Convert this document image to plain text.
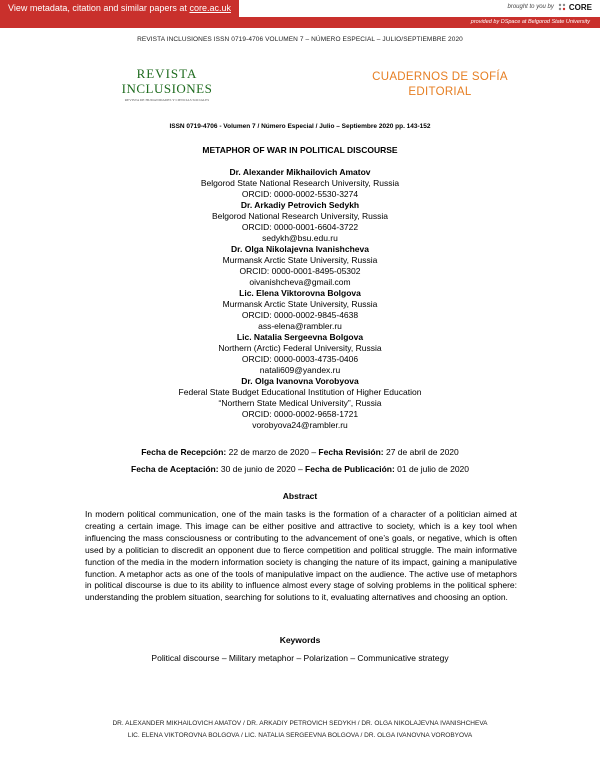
View metadata, citation and similar papers at core.ac.uk	brought to you by CORE
provided by DSpace at Belgorod State University
REVISTA INCLUSIONES ISSN 0719-4706 VOLUMEN 7 – NÚMERO ESPECIAL – JULIO/SEPTIEMBRE 2020
REVISTA
INCLUSIONES
REVISTA DE HUMANIDADES Y CIENCIAS SOCIALES
CUADERNOS DE SOFÍA
EDITORIAL
ISSN 0719-4706 - Volumen 7 / Número Especial / Julio – Septiembre 2020 pp. 143-152
METAPHOR OF WAR IN POLITICAL DISCOURSE
Dr. Alexander Mikhailovich Amatov
Belgorod State National Research University, Russia
ORCID: 0000-0002-5530-3274
Dr. Arkadiy Petrovich Sedykh
Belgorod National Research University, Russia
ORCID: 0000-0001-6604-3722
sedykh@bsu.edu.ru
Dr. Olga Nikolajevna Ivanishcheva
Murmansk Arctic State University, Russia
ORCID: 0000-0001-8495-05302
oivanishcheva@gmail.com
Lic. Elena Viktorovna Bolgova
Murmansk Arctic State University, Russia
ORCID: 0000-0002-9845-4638
ass-elena@rambler.ru
Lic. Natalia Sergeevna Bolgova
Northern (Arctic) Federal University, Russia
ORCID: 0000-0003-4735-0406
natali609@yandex.ru
Dr. Olga Ivanovna Vorobyova
Federal State Budget Educational Institution of Higher Education
“Northern State Medical University”, Russia
ORCID: 0000-0002-9658-1721
vorobyova24@rambler.ru
Fecha de Recepción: 22 de marzo de 2020 – Fecha Revisión: 27 de abril de 2020
Fecha de Aceptación: 30 de junio de 2020 – Fecha de Publicación: 01 de julio de 2020
Abstract
In modern political communication, one of the main tasks is the formation of a character of a politician aimed at creating a certain image. This image can be either positive and attractive to society, which is a key tool when influencing the mass consciousness or contributing to the advancement of one’s goals, or negative, which is often used by a politician to discredit an opponent due to fierce competition and political struggle. The main informative function of the media in the modern information society is changing the nature of its impact, gaining a manipulative function. A metaphor acts as one of the tools of manipulative impact on the audience. The active use of metaphors in political discourse is due to its ability to influence almost every stage of solving problems in the political sphere: understanding the problem situation, searching for solutions to it, evaluating alternatives and choosing an option.
Keywords
Political discourse – Military metaphor – Polarization – Communicative strategy
DR. ALEXANDER MIKHAILOVICH AMATOV / DR. ARKADIY PETROVICH SEDYKH / DR. OLGA NIKOLAJEVNA IVANISHCHEVA
LIC. ELENA VIKTOROVNA BOLGOVA / LIC. NATALIA SERGEEVNA BOLGOVA / DR. OLGA IVANOVNA VOROBYOVA
